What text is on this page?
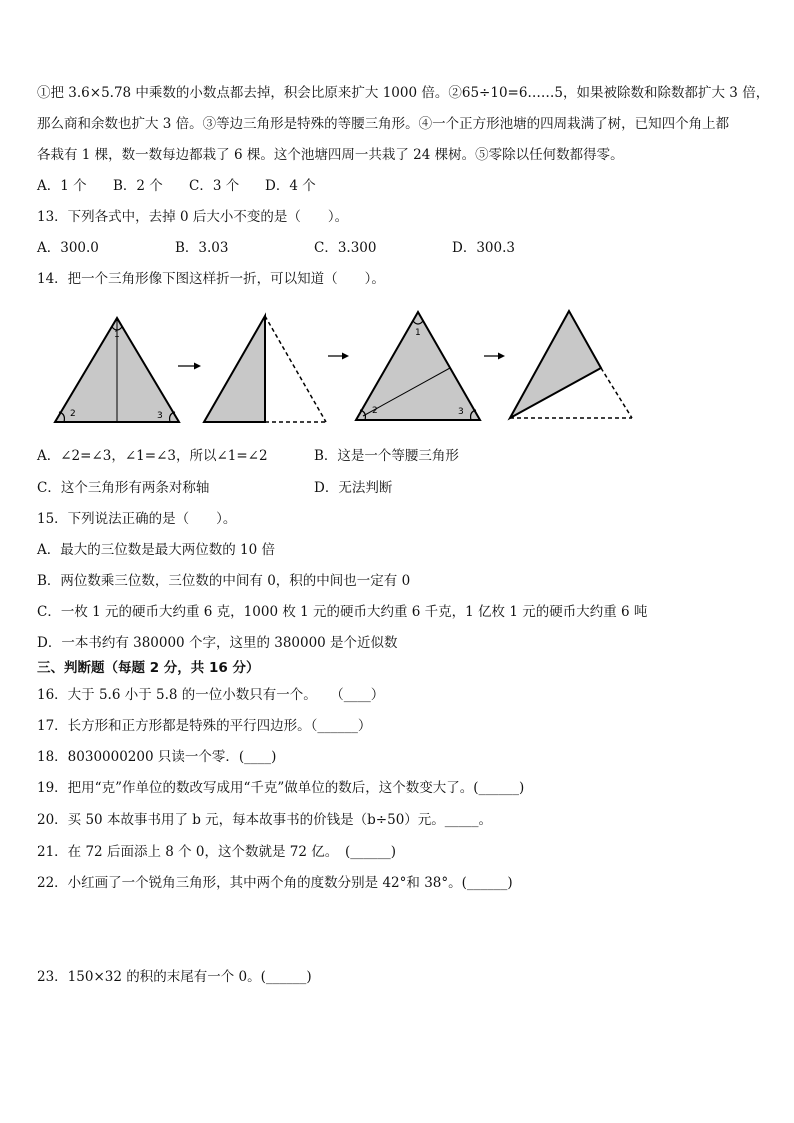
①把 3.6×5.78 中乘数的小数点都去掉，积会比原来扩大 1000 倍。②65÷10=6……5，如果被除数和除数都扩大 3 倍，
那么商和余数也扩大 3 倍。③等边三角形是特殊的等腰三角形。④一个正方形池塘的四周栽满了树，已知四个角上都
各栽有 1 棵，数一数每边都栽了 6 棵。这个池塘四周一共栽了 24 棵树。⑤零除以任何数都得零。
A．1 个 B．2 个 C．3 个 D．4 个
13．下列各式中，去掉 0 后大小不变的是（　　）。
A．300.0	B．3.03	C．3.300	D．300.3
14．把一个三角形像下图这样折一折，可以知道（　　）。
1
2	3
1
2	3
A．∠2=∠3，∠1=∠3，所以∠1=∠2	B．这是一个等腰三角形
C．这个三角形有两条对称轴	D．无法判断
15．下列说法正确的是（　　）。
A．最大的三位数是最大两位数的 10 倍
B．两位数乘三位数，三位数的中间有 0，积的中间也一定有 0
C．一枚 1 元的硬币大约重 6 克，1000 枚 1 元的硬币大约重 6 千克，1 亿枚 1 元的硬币大约重 6 吨
D．一本书约有 380000 个字，这里的 380000 是个近似数
三、判断题（每题 2 分，共 16 分）
16．大于 5.6 小于 5.8 的一位小数只有一个。　　（____）
17．长方形和正方形都是特殊的平行四边形。（______）
18．8030000200 只读一个零．(____)
19．把用“克”作单位的数改写成用“千克”做单位的数后，这个数变大了。(______)
20．买 50 本故事书用了 b 元，每本故事书的价钱是（b÷50）元。_____。
21．在 72 后面添上 8 个 0，这个数就是 72 亿。　(______)
22．小红画了一个锐角三角形，其中两个角的度数分别是 42°和 38°。(______)
23．150×32 的积的末尾有一个 0。(______)
